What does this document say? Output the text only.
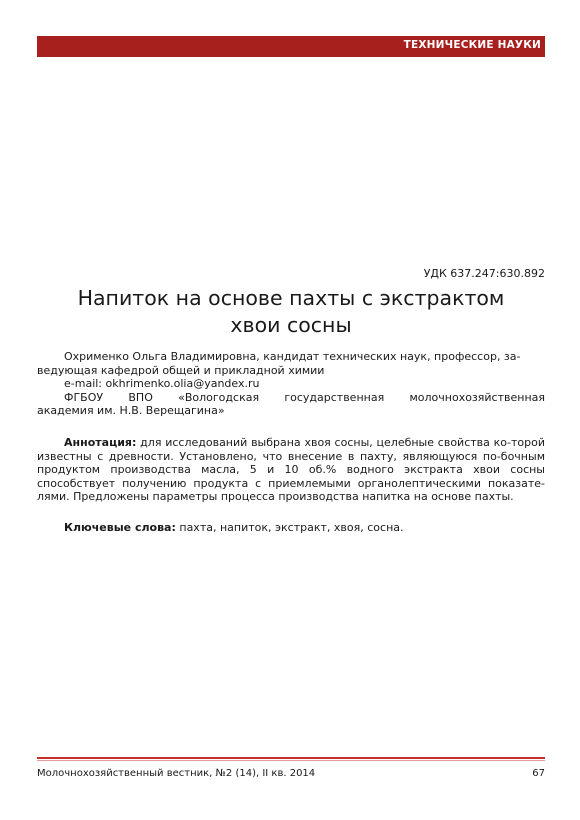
ТЕХНИЧЕСКИЕ НАУКИ
УДК 637.247:630.892
Напиток на основе пахты с экстрактом
хвои сосны

Охрименко Ольга Владимировна, кандидат технических наук, профессор, за-

ведующая кафедрой общей и прикладной химии

e-mail: okhrimenko.olia@yandex.ru

ФГБОУ ВПО «Вологодская государственная молочнохозяйственная

академия им. Н.В. Верещагина»

Аннотация: для исследований выбрана хвоя сосны, целебные свойства ко-торой известны с древности. Установлено, что внесение в пахту, являющуюся по-бочным продуктом производства масла, 5 и 10 об.% водного экстракта хвои сосны способствует получению продукта с приемлемыми органолептическими показате-лями. Предложены параметры процесса производства напитка на основе пахты.
Ключевые слова: пахта, напиток, экстракт, хвоя, сосна.
Молочнохозяйственный вестник, №2 (14), II кв. 2014	67
